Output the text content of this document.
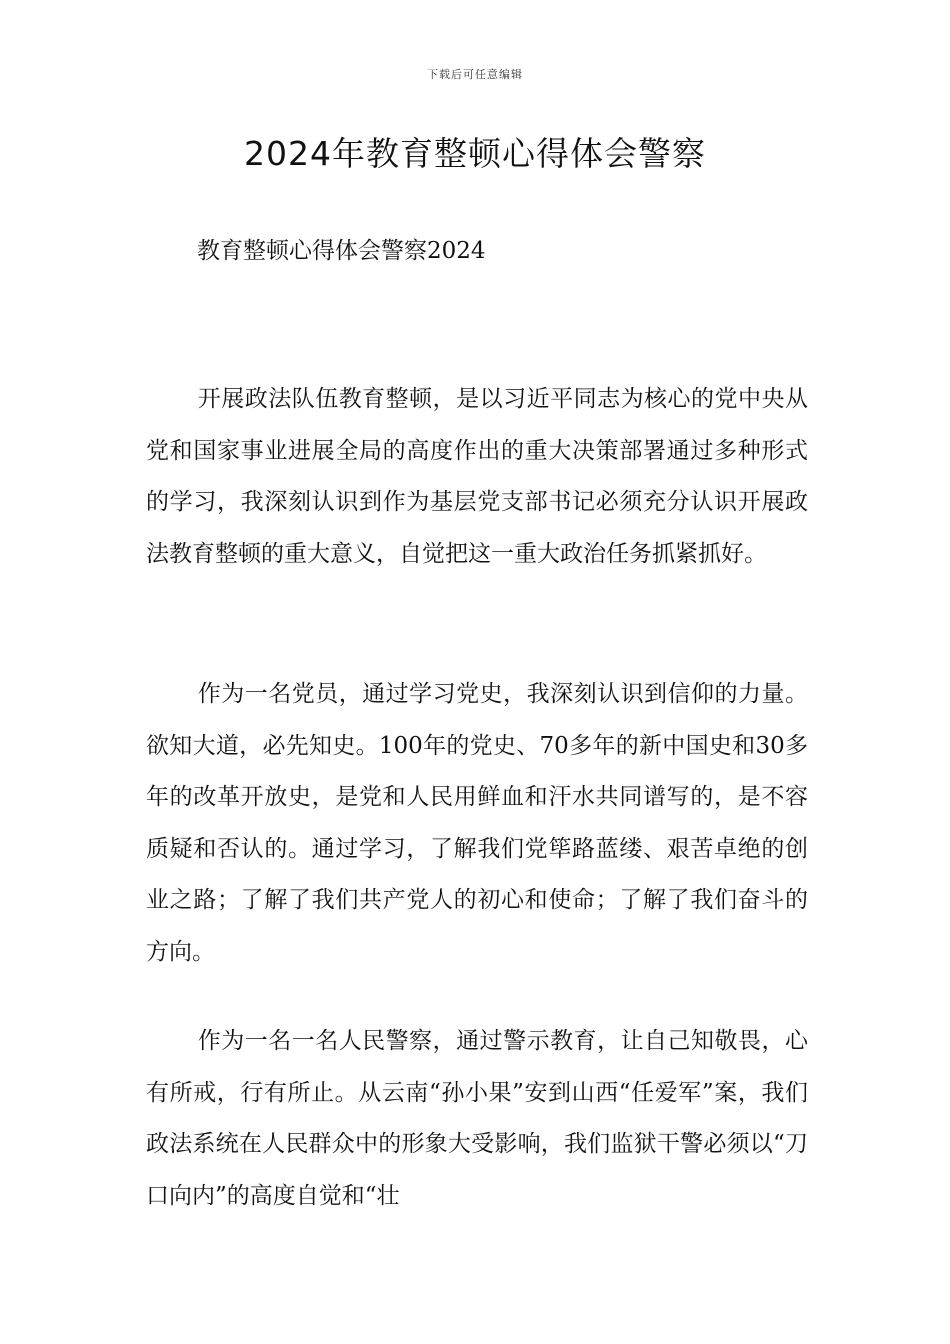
下载后可任意编辑
2024年教育整顿心得体会警察

教育整顿心得体会警察2024

开展政法队伍教育整顿，是以习近平同志为核心的党中央从党和国家事业进展全局的高度作出的重大决策部署通过多种形式的学习，我深刻认识到作为基层党支部书记必须充分认识开展政法教育整顿的重大意义，自觉把这一重大政治任务抓紧抓好。

作为一名党员，通过学习党史，我深刻认识到信仰的力量。欲知大道，必先知史。100年的党史、70多年的新中国史和30多年的改革开放史，是党和人民用鲜血和汗水共同谱写的，是不容质疑和否认的。通过学习，了解我们党筚路蓝缕、艰苦卓绝的创业之路；了解了我们共产党人的初心和使命；了解了我们奋斗的方向。

作为一名一名人民警察，通过警示教育，让自己知敬畏，心有所戒，行有所止。从云南“孙小果”安到山西“任爱军”案，我们政法系统在人民群众中的形象大受影响，我们监狱干警必须以“刀口向内”的高度自觉和“壮
